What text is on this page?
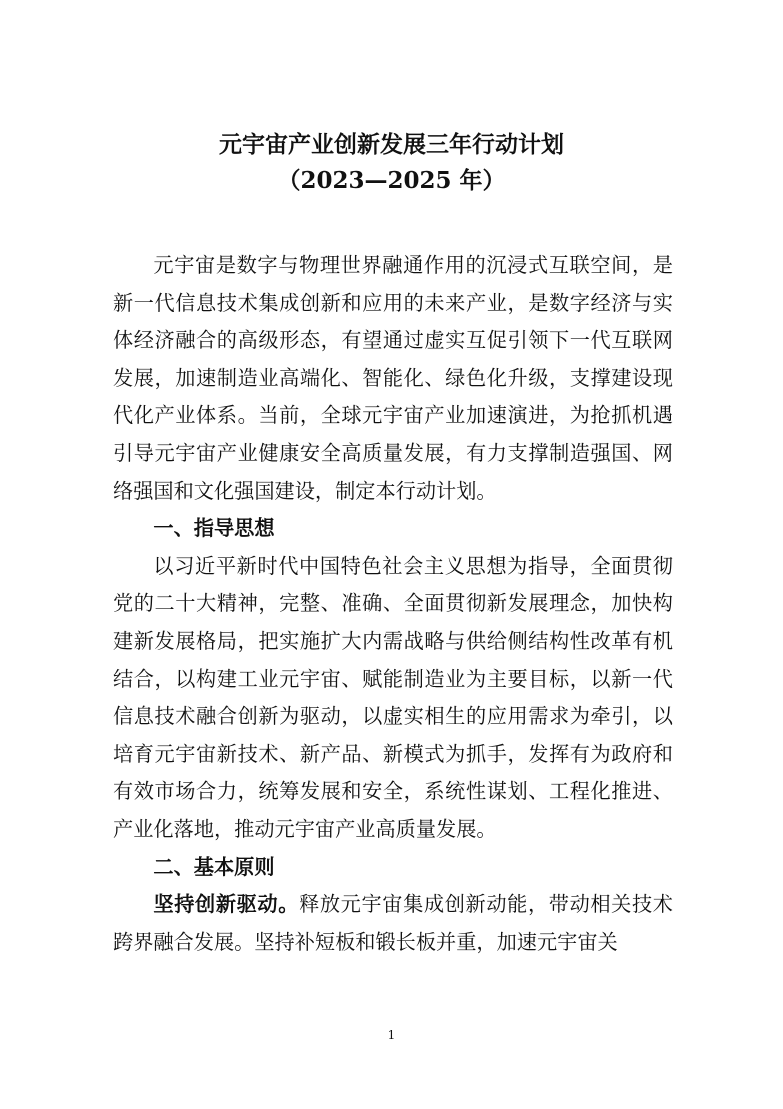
元宇宙产业创新发展三年行动计划
（2023—2025 年）

元宇宙是数字与物理世界融通作用的沉浸式互联空间，是新一代信息技术集成创新和应用的未来产业，是数字经济与实体经济融合的高级形态，有望通过虚实互促引领下一代互联网发展，加速制造业高端化、智能化、绿色化升级，支撑建设现代化产业体系。当前，全球元宇宙产业加速演进，为抢抓机遇引导元宇宙产业健康安全高质量发展，有力支撑制造强国、网络强国和文化强国建设，制定本行动计划。

一、指导思想

以习近平新时代中国特色社会主义思想为指导，全面贯彻党的二十大精神，完整、准确、全面贯彻新发展理念，加快构建新发展格局，把实施扩大内需战略与供给侧结构性改革有机结合，以构建工业元宇宙、赋能制造业为主要目标，以新一代信息技术融合创新为驱动，以虚实相生的应用需求为牵引，以培育元宇宙新技术、新产品、新模式为抓手，发挥有为政府和有效市场合力，统筹发展和安全，系统性谋划、工程化推进、产业化落地，推动元宇宙产业高质量发展。

二、基本原则

坚持创新驱动。释放元宇宙集成创新动能，带动相关技术跨界融合发展。坚持补短板和锻长板并重，加速元宇宙关

1
